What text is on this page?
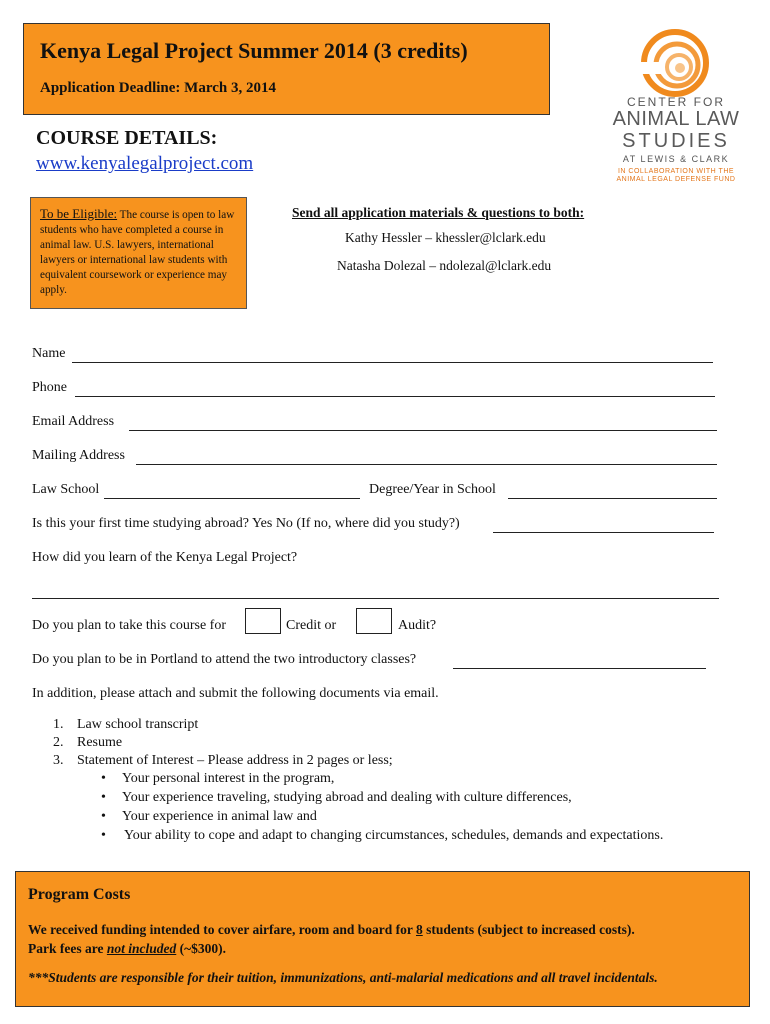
Kenya Legal Project Summer 2014 (3 credits)
Application Deadline: March 3, 2014
CENTER FOR
ANIMAL LAW
STUDIES
AT LEWIS & CLARK
IN COLLABORATION WITH THE
ANIMAL LEGAL DEFENSE FUND
COURSE DETAILS:
www.kenyalegalproject.com
To be Eligible: The course is open to law students who have completed a course in animal law. U.S. lawyers, international lawyers or international law students with equivalent coursework or experience may apply.
Send all application materials & questions to both:
Kathy Hessler – khessler@lclark.edu
Natasha Dolezal – ndolezal@lclark.edu
Name
Phone
Email Address
Mailing Address
Law School	Degree/Year in School
Is this your first time studying abroad? Yes No (If no, where did you study?)
How did you learn of the Kenya Legal Project?
Do you plan to take this course for	Credit or	Audit?
Do you plan to be in Portland to attend the two introductory classes?
In addition, please attach and submit the following documents via email.
1. Law school transcript
2. Resume
3. Statement of Interest – Please address in 2 pages or less;
• Your personal interest in the program,
• Your experience traveling, studying abroad and dealing with culture differences,
• Your experience in animal law and
• Your ability to cope and adapt to changing circumstances, schedules, demands and expectations.
Program Costs
We received funding intended to cover airfare, room and board for 8 students (subject to increased costs).
Park fees are not included (~$300).
***Students are responsible for their tuition, immunizations, anti-malarial medications and all travel incidentals.
